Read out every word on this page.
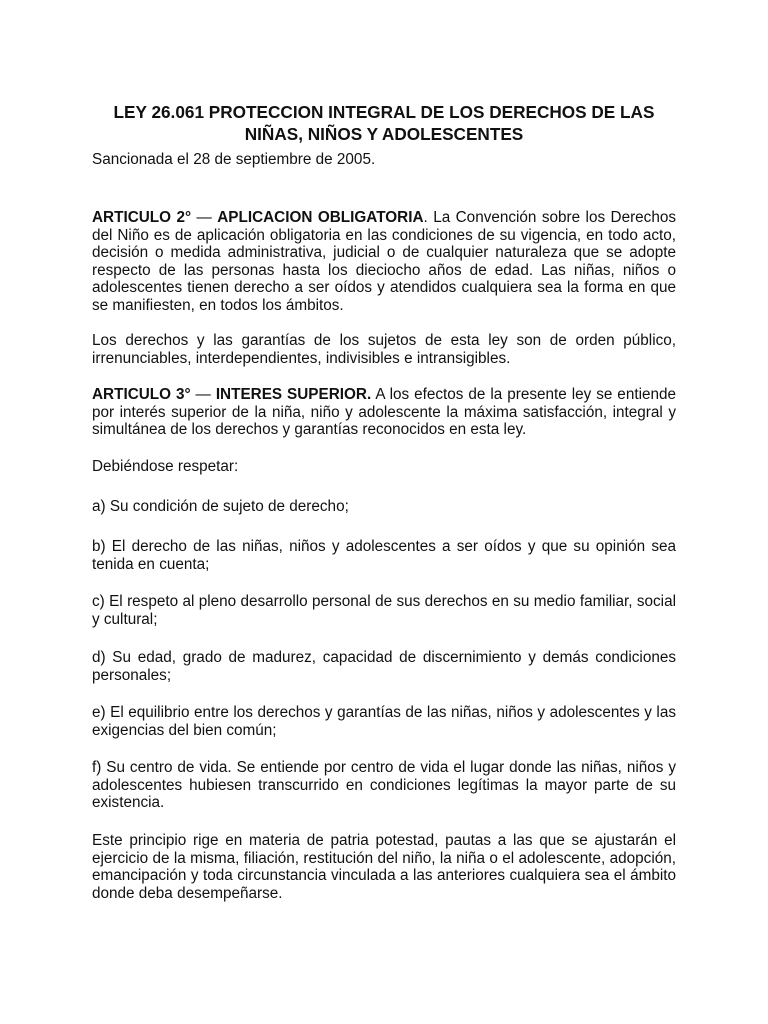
LEY 26.061 PROTECCION INTEGRAL DE LOS DERECHOS DE LAS
NIÑAS, NIÑOS Y ADOLESCENTES

Sancionada el 28 de septiembre de 2005.

ARTICULO 2° — APLICACION OBLIGATORIA. La Convención sobre los Derechos del Niño es de aplicación obligatoria en las condiciones de su vigencia, en todo acto, decisión o medida administrativa, judicial o de cualquier naturaleza que se adopte respecto de las personas hasta los dieciocho años de edad. Las niñas, niños o adolescentes tienen derecho a ser oídos y atendidos cualquiera sea la forma en que se manifiesten, en todos los ámbitos.

Los derechos y las garantías de los sujetos de esta ley son de orden público, irrenunciables, interdependientes, indivisibles e intransigibles.

ARTICULO 3° — INTERES SUPERIOR. A los efectos de la presente ley se entiende por interés superior de la niña, niño y adolescente la máxima satisfacción, integral y simultánea de los derechos y garantías reconocidos en esta ley.

Debiéndose respetar:

a) Su condición de sujeto de derecho;

b) El derecho de las niñas, niños y adolescentes a ser oídos y que su opinión sea tenida en cuenta;

c) El respeto al pleno desarrollo personal de sus derechos en su medio familiar, social y cultural;

d) Su edad, grado de madurez, capacidad de discernimiento y demás condiciones personales;

e) El equilibrio entre los derechos y garantías de las niñas, niños y adolescentes y las exigencias del bien común;

f) Su centro de vida. Se entiende por centro de vida el lugar donde las niñas, niños y adolescentes hubiesen transcurrido en condiciones legítimas la mayor parte de su existencia.

Este principio rige en materia de patria potestad, pautas a las que se ajustarán el ejercicio de la misma, filiación, restitución del niño, la niña o el adolescente, adopción, emancipación y toda circunstancia vinculada a las anteriores cualquiera sea el ámbito donde deba desempeñarse.
